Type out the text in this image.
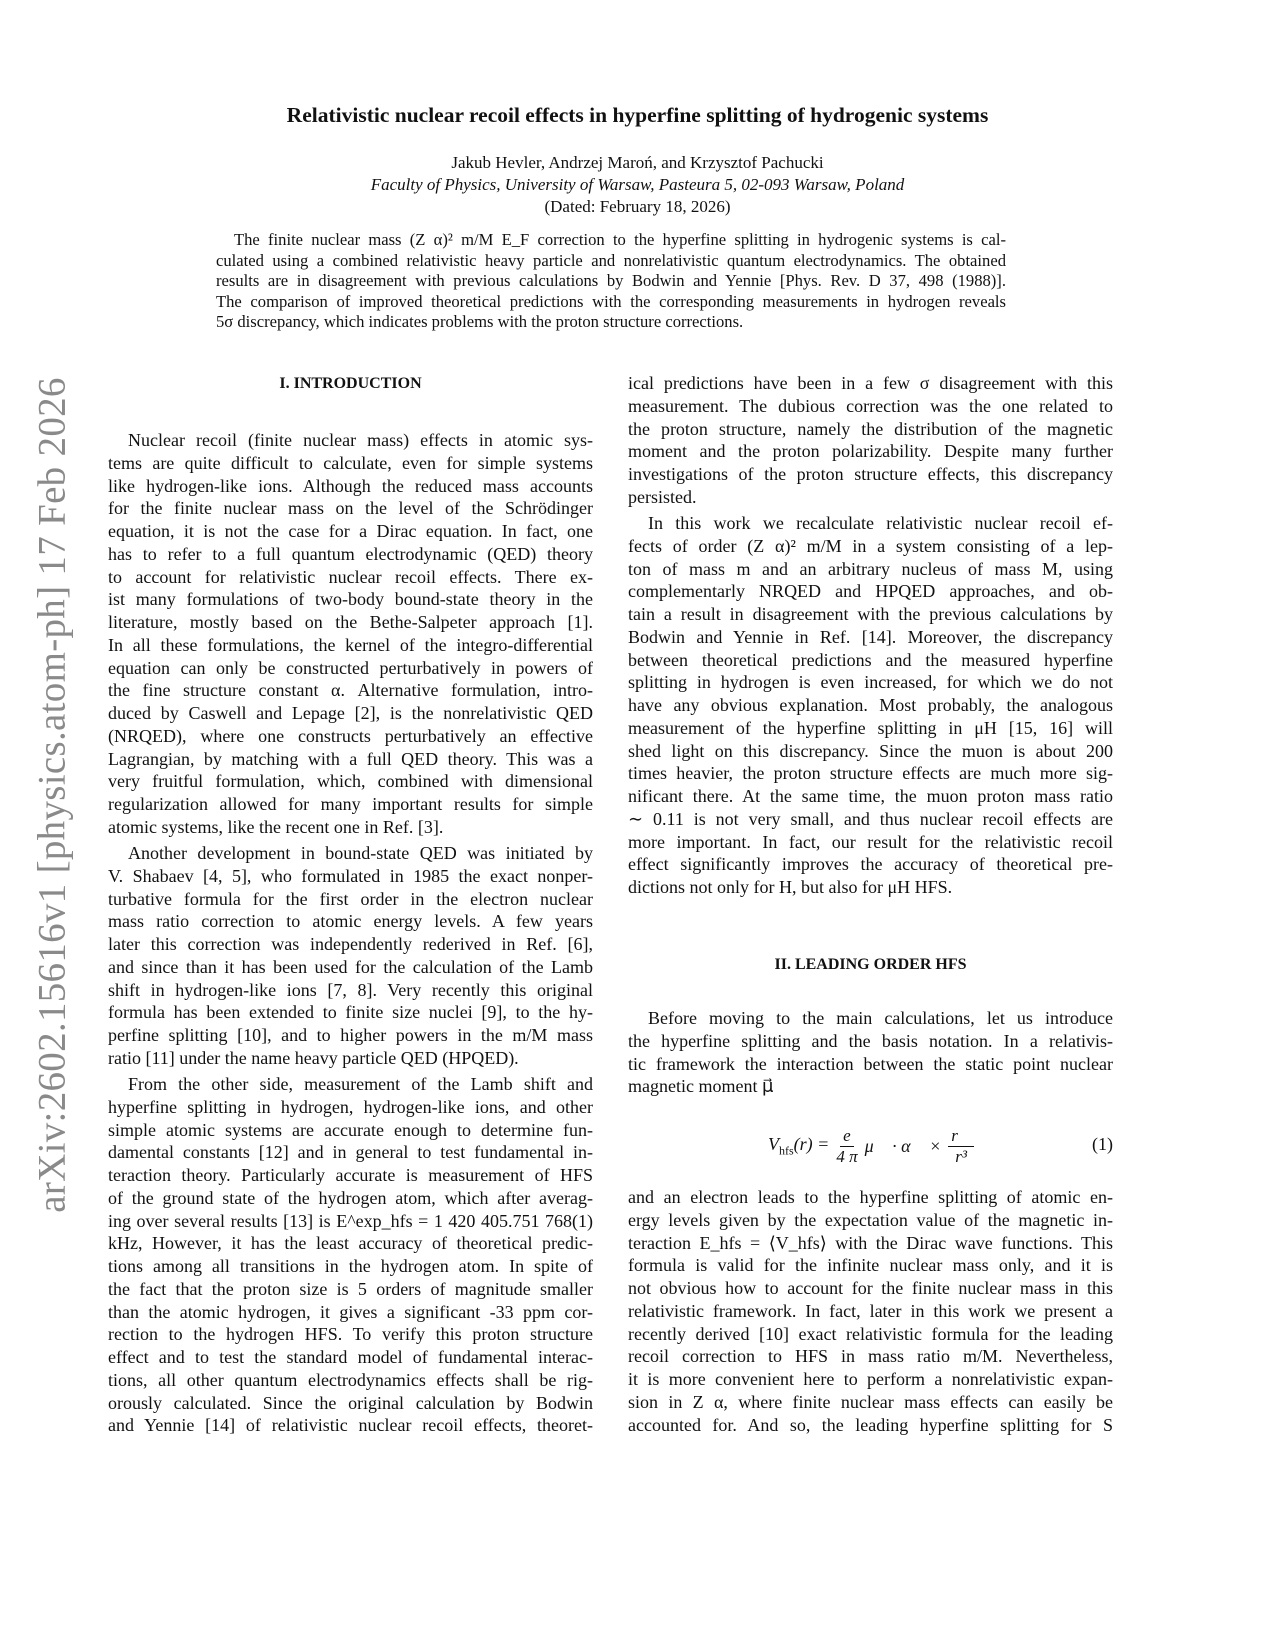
arXiv:2602.15616v1 [physics.atom-ph] 17 Feb 2026
Relativistic nuclear recoil effects in hyperfine splitting of hydrogenic systems
Jakub Hevler, Andrzej Maroń, and Krzysztof Pachucki
Faculty of Physics, University of Warsaw, Pasteura 5, 02-093 Warsaw, Poland
(Dated: February 18, 2026)
The finite nuclear mass (Z α)² m/M E_F correction to the hyperfine splitting in hydrogenic systems is cal-
culated using a combined relativistic heavy particle and nonrelativistic quantum electrodynamics. The obtained
results are in disagreement with previous calculations by Bodwin and Yennie [Phys. Rev. D 37, 498 (1988)].
The comparison of improved theoretical predictions with the corresponding measurements in hydrogen reveals
5σ discrepancy, which indicates problems with the proton structure corrections.
I. INTRODUCTION
Nuclear recoil (finite nuclear mass) effects in atomic sys-
tems are quite difficult to calculate, even for simple systems
like hydrogen-like ions. Although the reduced mass accounts
for the finite nuclear mass on the level of the Schrödinger
equation, it is not the case for a Dirac equation. In fact, one
has to refer to a full quantum electrodynamic (QED) theory
to account for relativistic nuclear recoil effects. There ex-
ist many formulations of two-body bound-state theory in the
literature, mostly based on the Bethe-Salpeter approach [1].
In all these formulations, the kernel of the integro-differential
equation can only be constructed perturbatively in powers of
the fine structure constant α. Alternative formulation, intro-
duced by Caswell and Lepage [2], is the nonrelativistic QED
(NRQED), where one constructs perturbatively an effective
Lagrangian, by matching with a full QED theory. This was a
very fruitful formulation, which, combined with dimensional
regularization allowed for many important results for simple
atomic systems, like the recent one in Ref. [3].
Another development in bound-state QED was initiated by
V. Shabaev [4, 5], who formulated in 1985 the exact nonper-
turbative formula for the first order in the electron nuclear
mass ratio correction to atomic energy levels. A few years
later this correction was independently rederived in Ref. [6],
and since than it has been used for the calculation of the Lamb
shift in hydrogen-like ions [7, 8]. Very recently this original
formula has been extended to finite size nuclei [9], to the hy-
perfine splitting [10], and to higher powers in the m/M mass
ratio [11] under the name heavy particle QED (HPQED).
From the other side, measurement of the Lamb shift and
hyperfine splitting in hydrogen, hydrogen-like ions, and other
simple atomic systems are accurate enough to determine fun-
damental constants [12] and in general to test fundamental in-
teraction theory. Particularly accurate is measurement of HFS
of the ground state of the hydrogen atom, which after averag-
ing over several results [13] is E^exp_hfs = 1 420 405.751 768(1)
kHz, However, it has the least accuracy of theoretical predic-
tions among all transitions in the hydrogen atom. In spite of
the fact that the proton size is 5 orders of magnitude smaller
than the atomic hydrogen, it gives a significant -33 ppm cor-
rection to the hydrogen HFS. To verify this proton structure
effect and to test the standard model of fundamental interac-
tions, all other quantum electrodynamics effects shall be rig-
orously calculated. Since the original calculation by Bodwin
and Yennie [14] of relativistic nuclear recoil effects, theoret-
ical predictions have been in a few σ disagreement with this
measurement. The dubious correction was the one related to
the proton structure, namely the distribution of the magnetic
moment and the proton polarizability. Despite many further
investigations of the proton structure effects, this discrepancy
persisted.
In this work we recalculate relativistic nuclear recoil ef-
fects of order (Z α)² m/M in a system consisting of a lep-
ton of mass m and an arbitrary nucleus of mass M, using
complementarly NRQED and HPQED approaches, and ob-
tain a result in disagreement with the previous calculations by
Bodwin and Yennie in Ref. [14]. Moreover, the discrepancy
between theoretical predictions and the measured hyperfine
splitting in hydrogen is even increased, for which we do not
have any obvious explanation. Most probably, the analogous
measurement of the hyperfine splitting in μH [15, 16] will
shed light on this discrepancy. Since the muon is about 200
times heavier, the proton structure effects are much more sig-
nificant there. At the same time, the muon proton mass ratio
∼ 0.11 is not very small, and thus nuclear recoil effects are
more important. In fact, our result for the relativistic recoil
effect significantly improves the accuracy of theoretical pre-
dictions not only for H, but also for μH HFS.
II. LEADING ORDER HFS
Before moving to the main calculations, let us introduce
the hyperfine splitting and the basis notation. In a relativis-
tic framework the interaction between the static point nuclear
magnetic moment μ⃗
$V_{hfs}(r) = \frac{e}{4 \pi}$ μ⃗ · α⃗ × $\frac{r⃗}{\text{r³}}$	(1)
and an electron leads to the hyperfine splitting of atomic en-
ergy levels given by the expectation value of the magnetic in-
teraction E_hfs = ⟨V_hfs⟩ with the Dirac wave functions. This
formula is valid for the infinite nuclear mass only, and it is
not obvious how to account for the finite nuclear mass in this
relativistic framework. In fact, later in this work we present a
recently derived [10] exact relativistic formula for the leading
recoil correction to HFS in mass ratio m/M. Nevertheless,
it is more convenient here to perform a nonrelativistic expan-
sion in Z α, where finite nuclear mass effects can easily be
accounted for. And so, the leading hyperfine splitting for S
